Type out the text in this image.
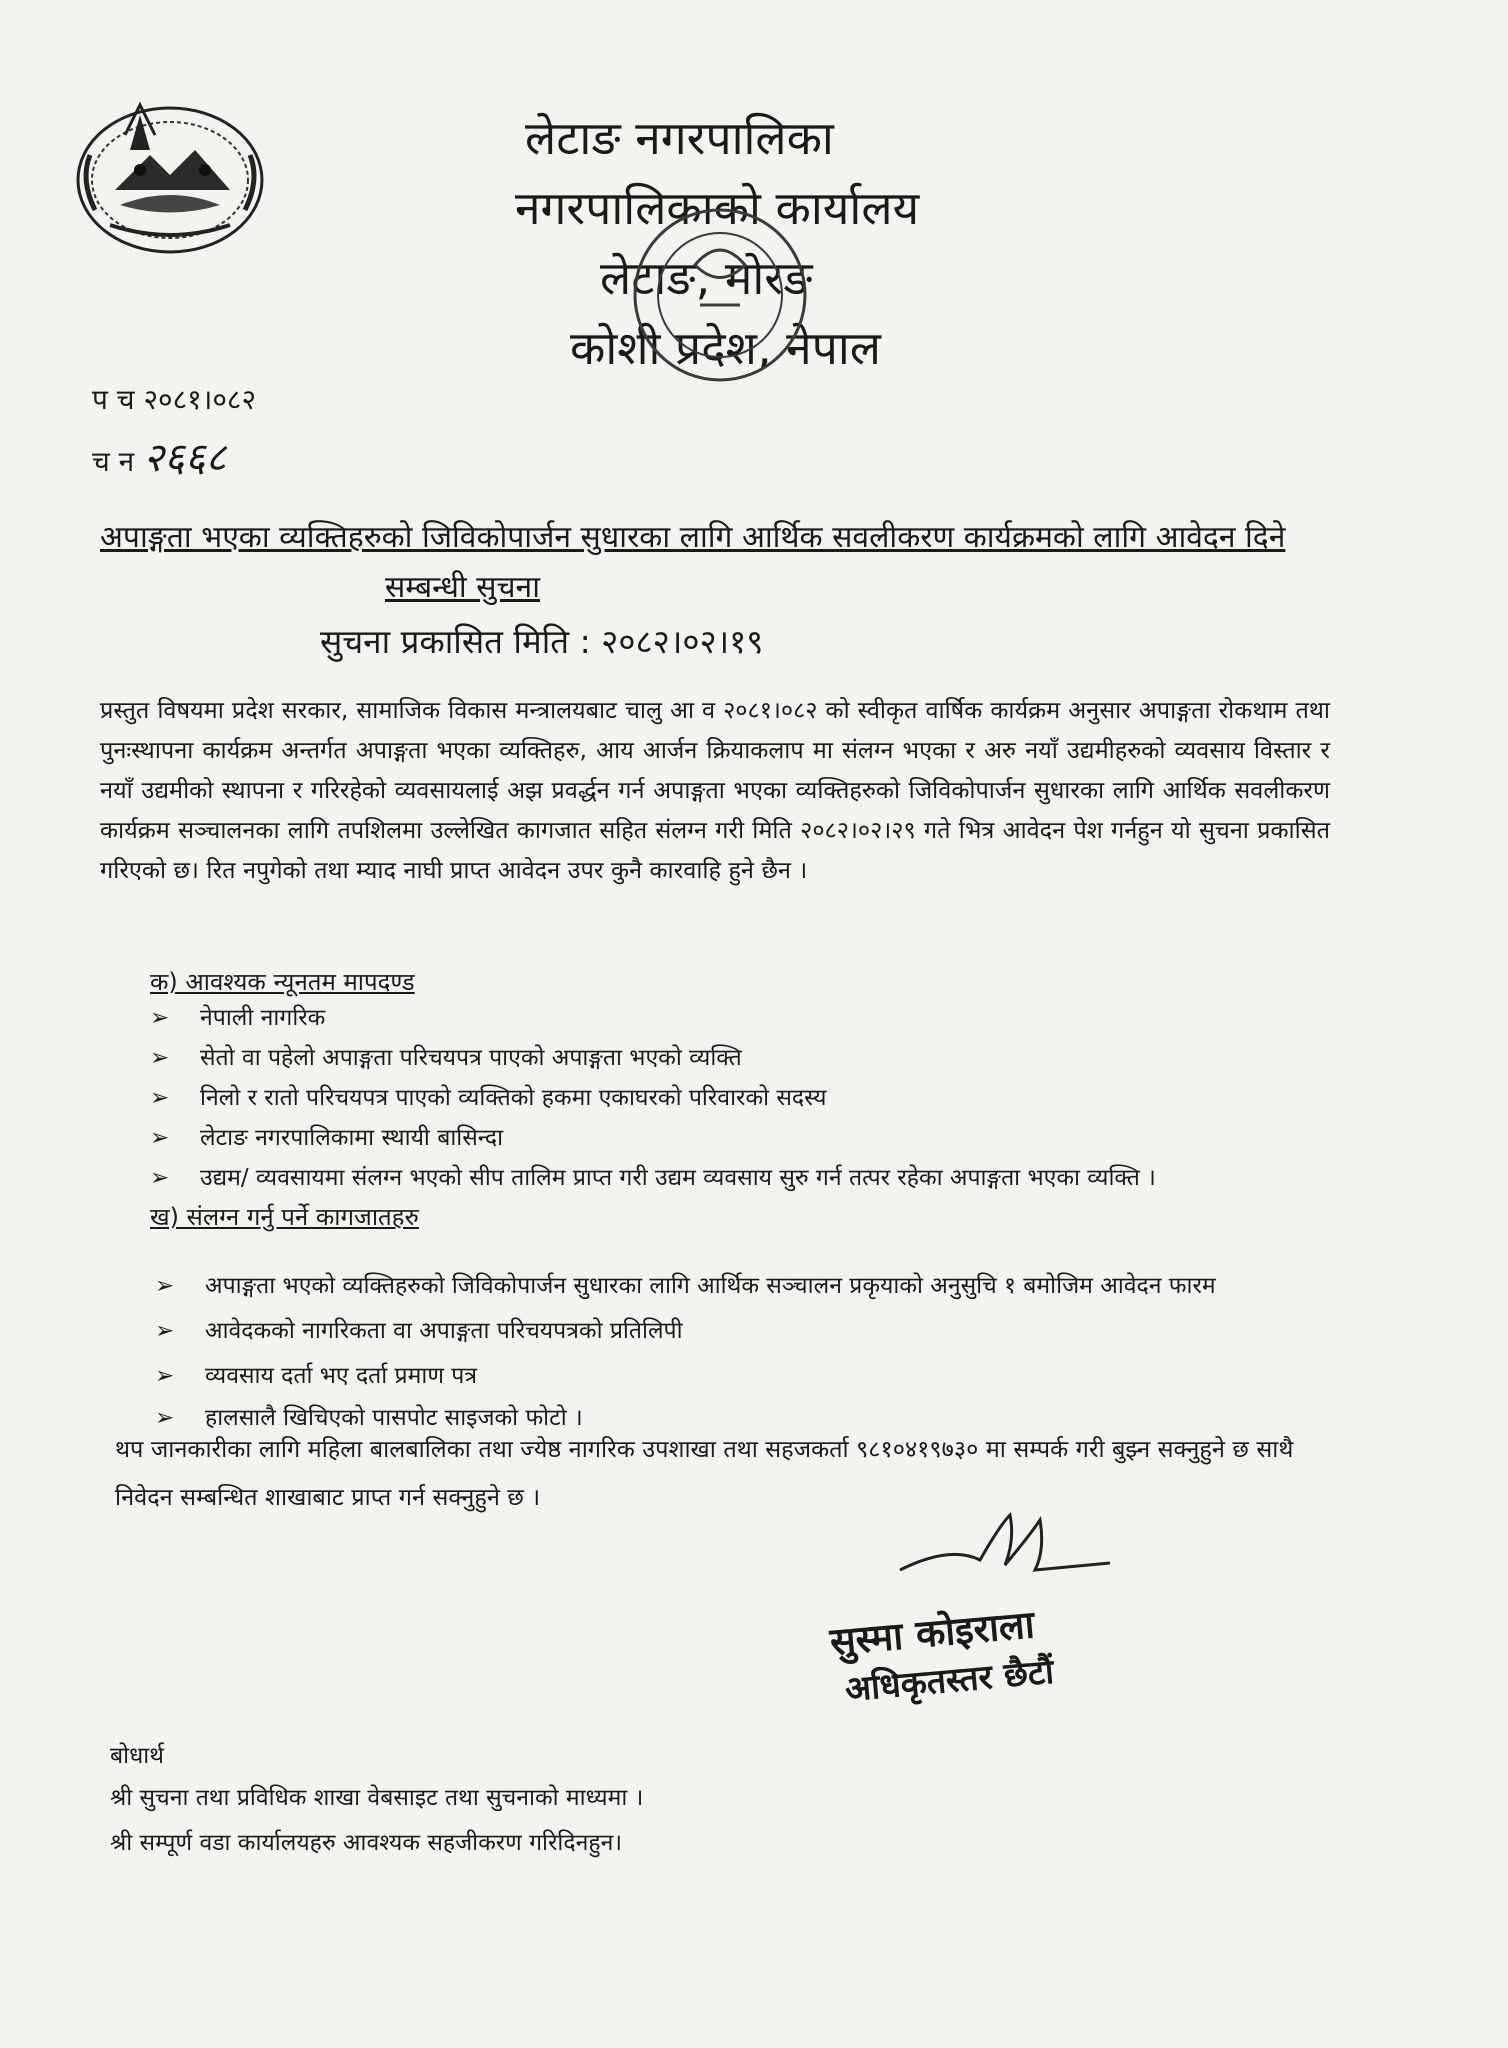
लेटाङ नगरपालिका
नगरपालिकाको कार्यालय
लेटाङ, मोरङ
कोशी प्रदेश, नेपाल
प च २०८१।०८२
च न २६६८
अपाङ्गता भएका व्यक्तिहरुको जिविकोपार्जन सुधारका लागि आर्थिक सवलीकरण कार्यक्रमको लागि आवेदन दिने
सम्बन्धी सुचना
सुचना प्रकासित मिति : २०८२।०२।१९
प्रस्तुत विषयमा प्रदेश सरकार, सामाजिक विकास मन्त्रालयबाट चालु आ व २०८१।०८२ को स्वीकृत वार्षिक कार्यक्रम अनुसार अपाङ्गता रोकथाम तथा पुनःस्थापना कार्यक्रम अन्तर्गत अपाङ्गता भएका व्यक्तिहरु, आय आर्जन क्रियाकलाप मा संलग्न भएका र अरु नयाँ उद्यमीहरुको व्यवसाय विस्तार र नयाँ उद्यमीको स्थापना र गरिरहेको व्यवसायलाई अझ प्रवर्द्धन गर्न अपाङ्गता भएका व्यक्तिहरुको जिविकोपार्जन सुधारका लागि आर्थिक सवलीकरण कार्यक्रम सञ्चालनका लागि तपशिलमा उल्लेखित कागजात सहित संलग्न गरी मिति २०८२।०२।२९ गते भित्र आवेदन पेश गर्नहुन यो सुचना प्रकासित गरिएको छ। रित नपुगेको तथा म्याद नाघी प्राप्त आवेदन उपर कुनै कारवाहि हुने छैन ।
क) आवश्यक न्यूनतम मापदण्ड
➢ नेपाली नागरिक
➢ सेतो वा पहेलो अपाङ्गता परिचयपत्र पाएको अपाङ्गता भएको व्यक्ति
➢ निलो र रातो परिचयपत्र पाएको व्यक्तिको हकमा एकाघरको परिवारको सदस्य
➢ लेटाङ नगरपालिकामा स्थायी बासिन्दा
➢ उद्यम/ व्यवसायमा संलग्न भएको सीप तालिम प्राप्त गरी उद्यम व्यवसाय सुरु गर्न तत्पर रहेका अपाङ्गता भएका व्यक्ति ।
ख) संलग्न गर्नु पर्ने कागजातहरु
➢ अपाङ्गता भएको व्यक्तिहरुको जिविकोपार्जन सुधारका लागि आर्थिक सञ्चालन प्रकृयाको अनुसुचि १ बमोजिम आवेदन फारम
➢ आवेदकको नागरिकता वा अपाङ्गता परिचयपत्रको प्रतिलिपी
➢ व्यवसाय दर्ता भए दर्ता प्रमाण पत्र
➢ हालसालै खिचिएको पासपोट साइजको फोटो ।
थप जानकारीका लागि महिला बालबालिका तथा ज्येष्ठ नागरिक उपशाखा तथा सहजकर्ता ९८१०४१९७३० मा सम्पर्क गरी बुझ्न सक्नुहुने छ साथै निवेदन सम्बन्धित शाखाबाट प्राप्त गर्न सक्नुहुने छ ।
सुस्मा कोइराला
अधिकृतस्तर छैटौं
बोधार्थ
श्री सुचना तथा प्रविधिक शाखा वेबसाइट तथा सुचनाको माध्यमा ।
श्री सम्पूर्ण वडा कार्यालयहरु आवश्यक सहजीकरण गरिदिनहुन।
